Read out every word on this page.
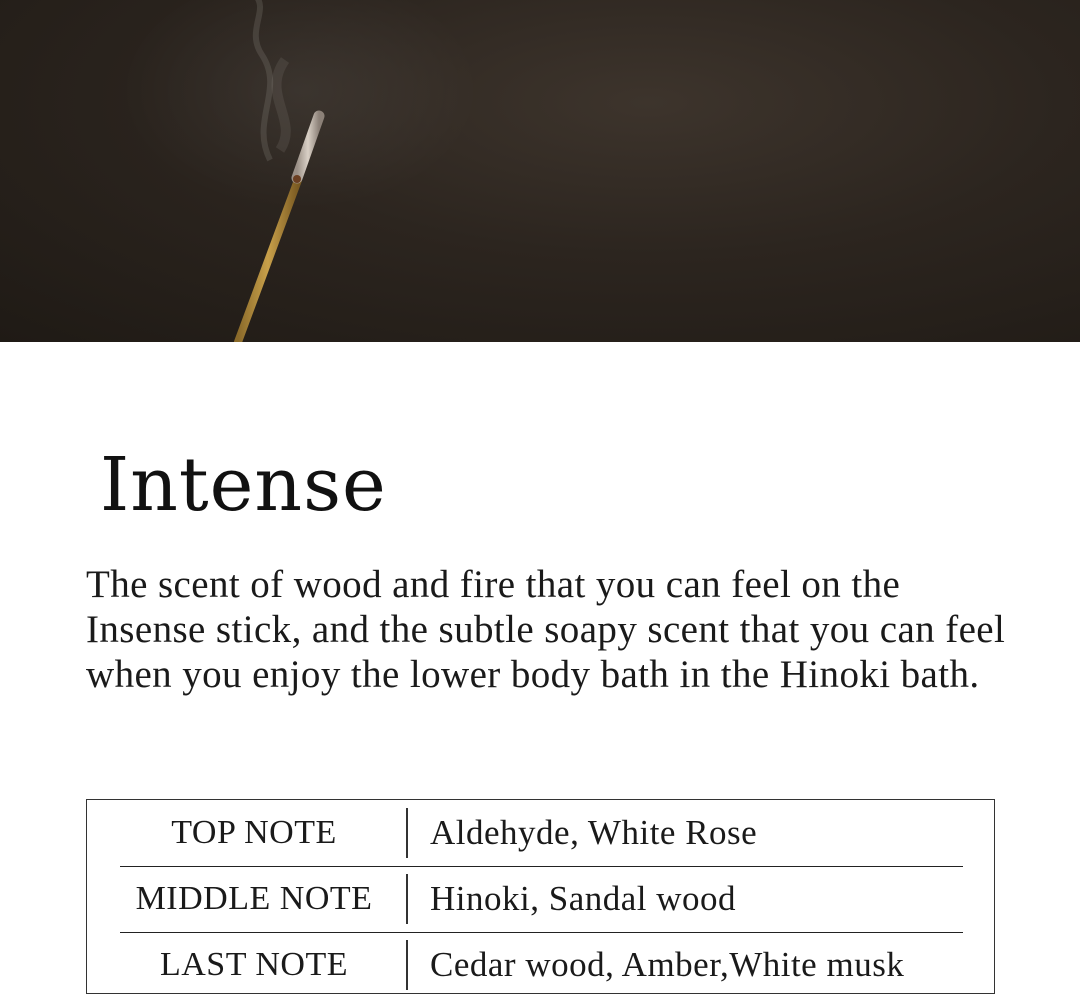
Intense

The scent of wood and fire that you can feel on the Insense stick, and the subtle soapy scent that you can feel when you enjoy the lower body bath in the Hinoki bath.

TOP NOTE	Aldehyde, White Rose
MIDDLE NOTE	Hinoki, Sandal wood
LAST NOTE	Cedar wood, Amber,White musk
